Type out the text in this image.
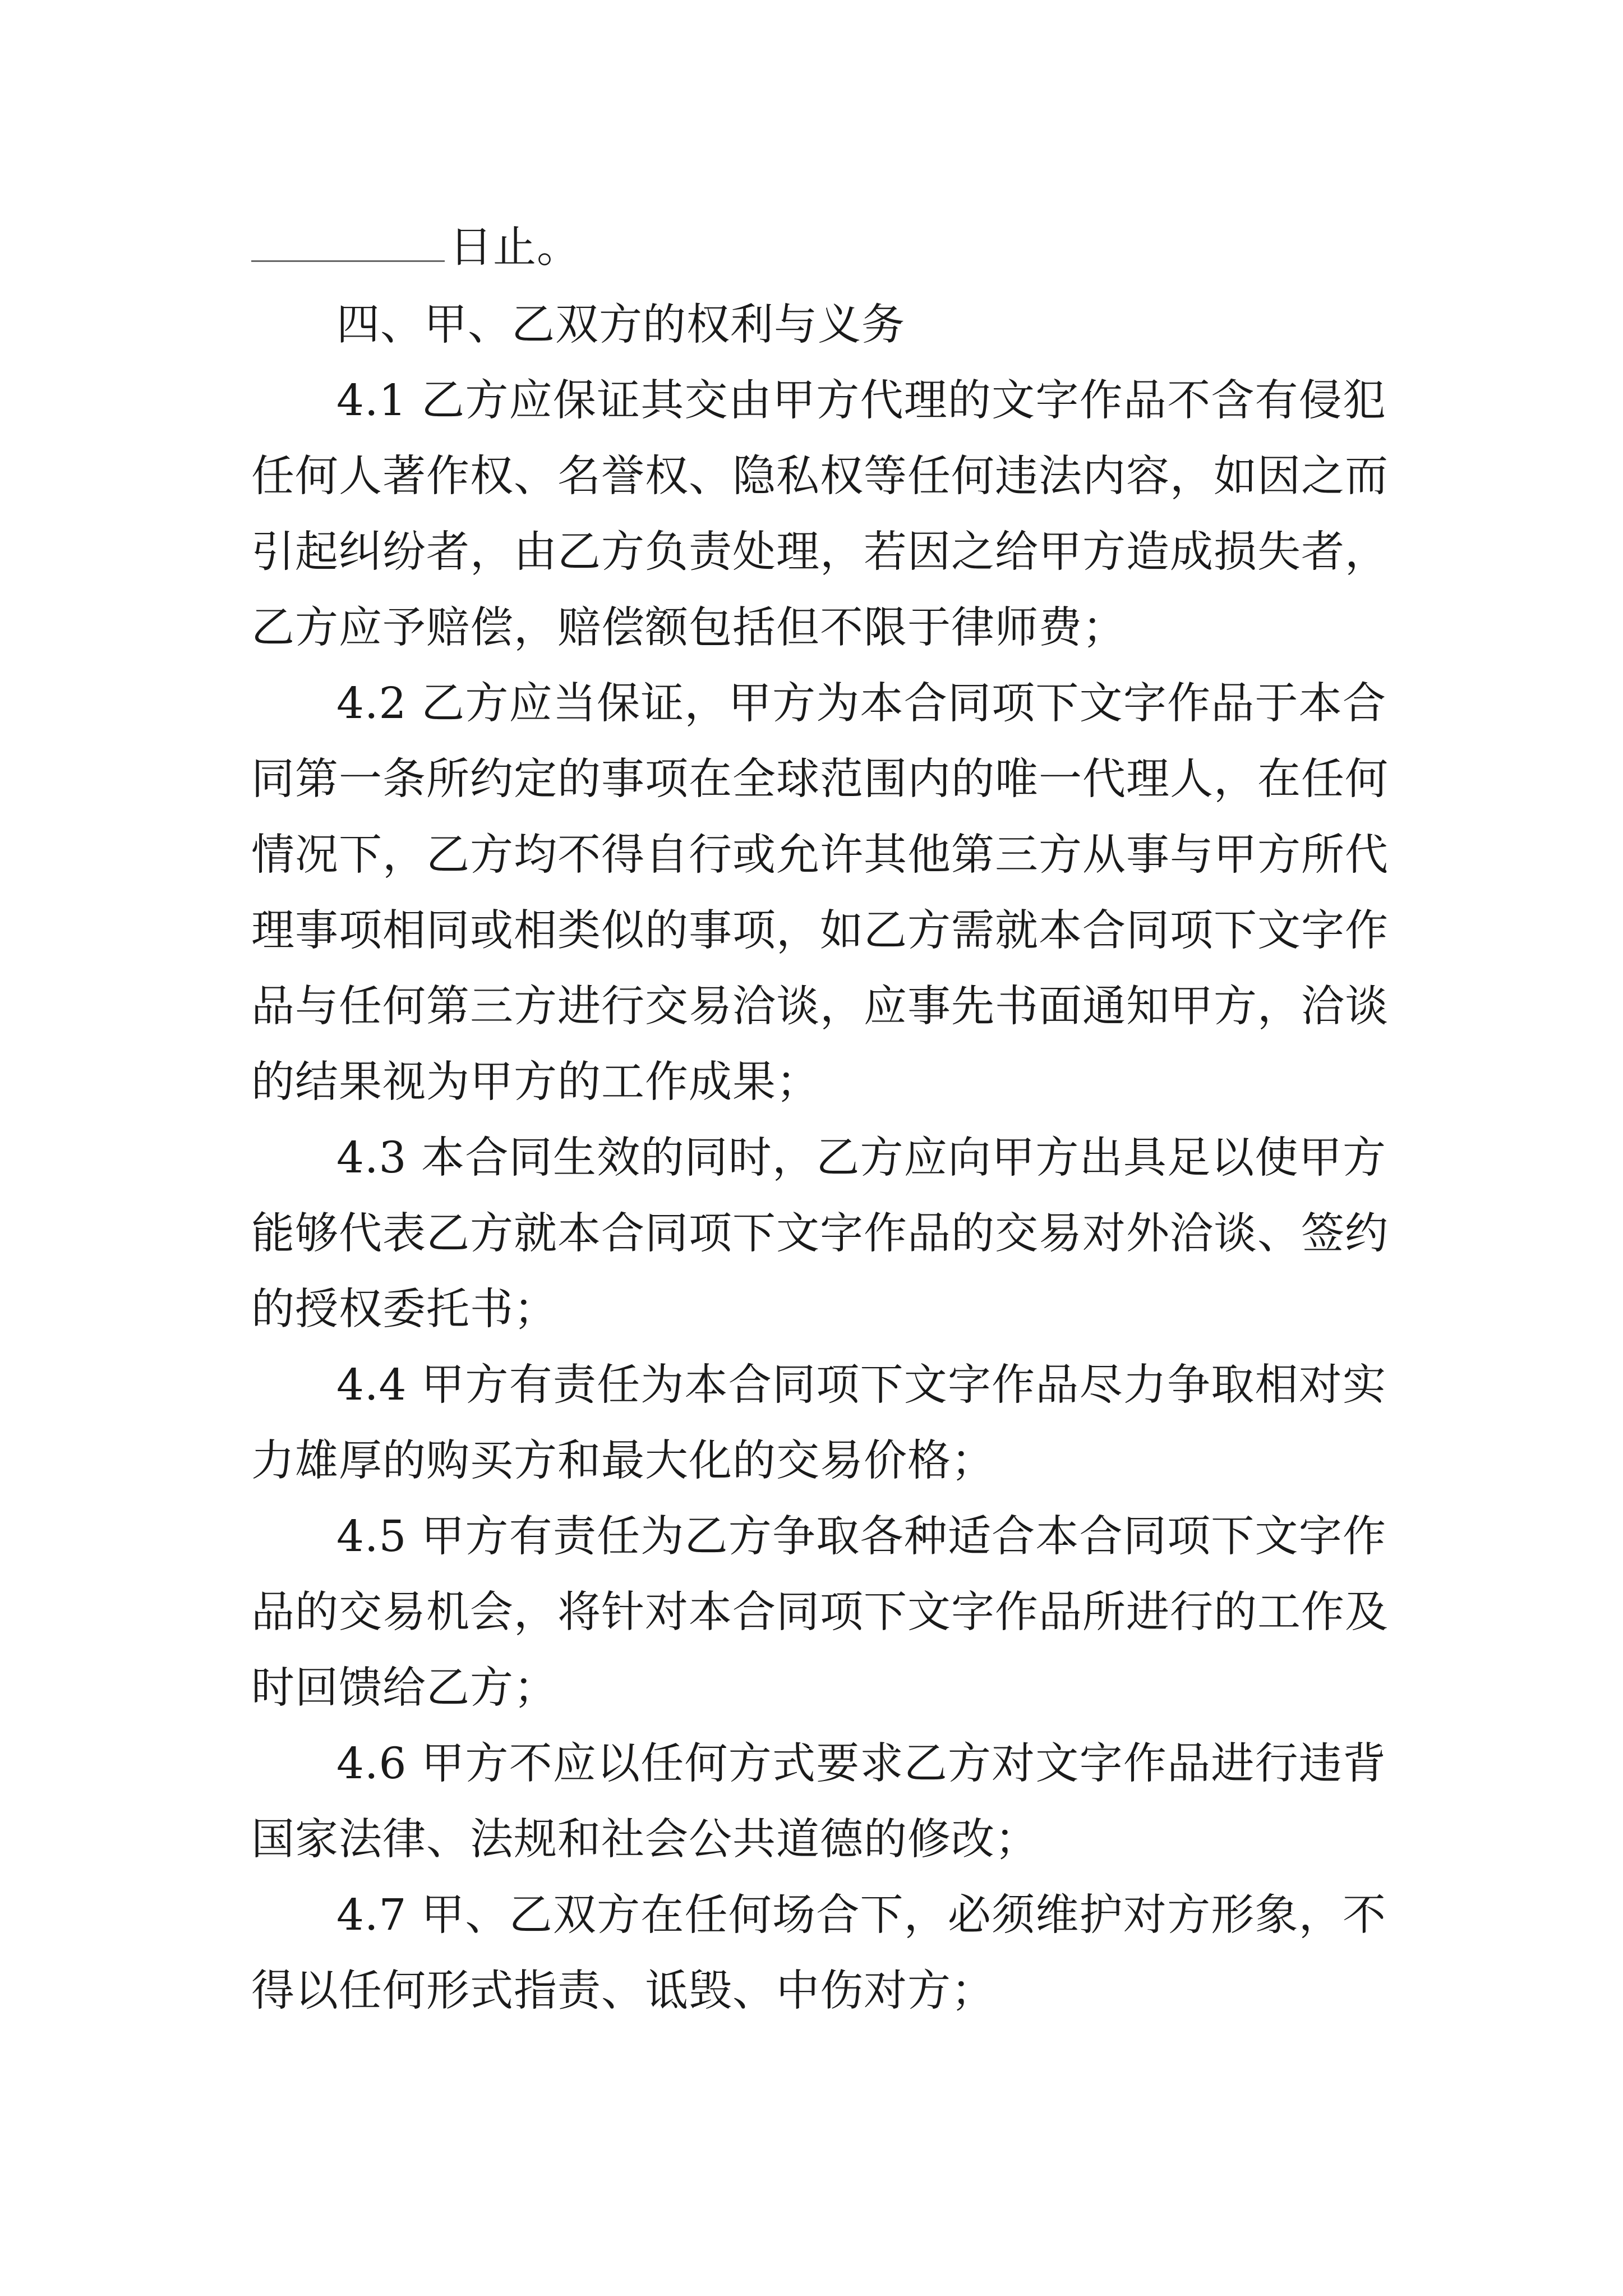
日止。
四、甲、乙双方的权利与义务
4.1 乙方应保证其交由甲方代理的文字作品不含有侵犯
任何人著作权、名誉权、隐私权等任何违法内容，如因之而
引起纠纷者，由乙方负责处理，若因之给甲方造成损失者，
乙方应予赔偿，赔偿额包括但不限于律师费；
4.2 乙方应当保证，甲方为本合同项下文字作品于本合
同第一条所约定的事项在全球范围内的唯一代理人，在任何
情况下，乙方均不得自行或允许其他第三方从事与甲方所代
理事项相同或相类似的事项，如乙方需就本合同项下文字作
品与任何第三方进行交易洽谈，应事先书面通知甲方，洽谈
的结果视为甲方的工作成果；
4.3 本合同生效的同时，乙方应向甲方出具足以使甲方
能够代表乙方就本合同项下文字作品的交易对外洽谈、签约
的授权委托书；
4.4 甲方有责任为本合同项下文字作品尽力争取相对实
力雄厚的购买方和最大化的交易价格；
4.5 甲方有责任为乙方争取各种适合本合同项下文字作
品的交易机会，将针对本合同项下文字作品所进行的工作及
时回馈给乙方；
4.6 甲方不应以任何方式要求乙方对文字作品进行违背
国家法律、法规和社会公共道德的修改；
4.7 甲、乙双方在任何场合下，必须维护对方形象，不
得以任何形式指责、诋毁、中伤对方；
